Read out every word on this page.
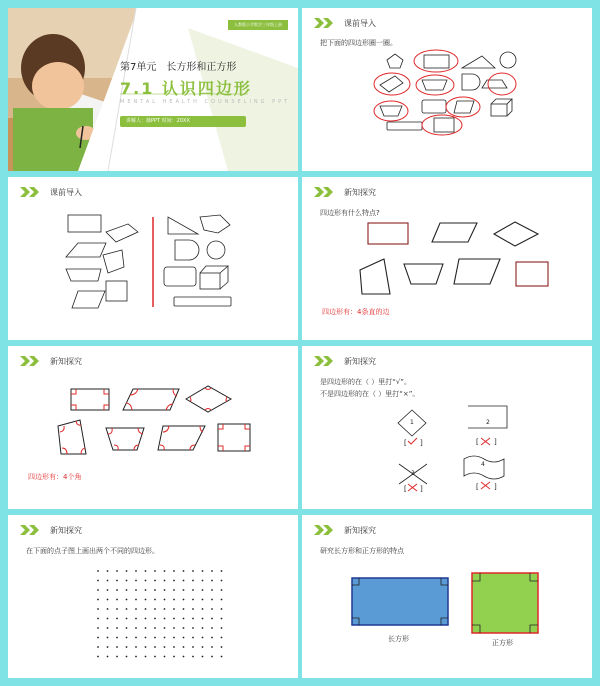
人教版小学数学三年级上册
第7单元　长方形和正方形
7.1 认识四边形
MENTAL HEALTH COUNSELING PPT
讲解人：薇PPT 时间：20XX
课前导入
把下面的四边形圈一圈。
课前导入	新知探究
四边形有什么特点?
四边形有：4条直的边
新知探究
四边形有：4个角
新知探究
是四边形的在（ ）里打“√”。
不是四边形的在（ ）里打“×”。
1	2
3
4
[ ]	[ ]
[ ]	[ ]
新知探究
在下面的点子图上画出两个不同的四边形。
新知探究
研究长方形和正方形的特点
长方形	正方形
